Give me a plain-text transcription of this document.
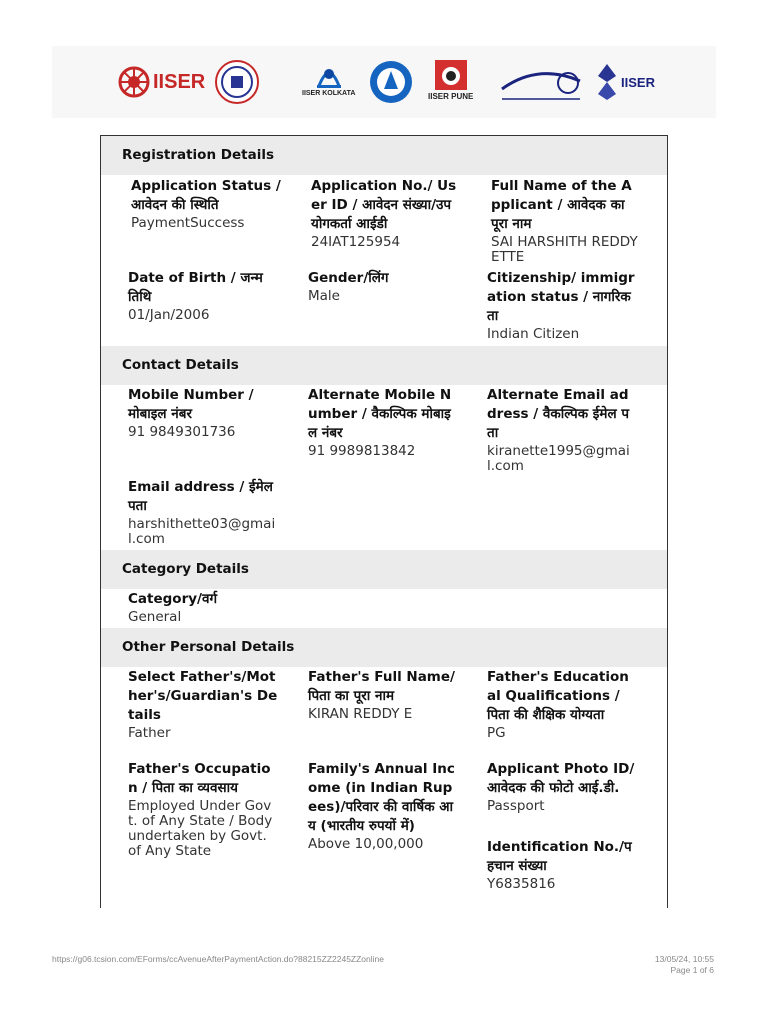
IISER
IISER KOLKATA	IISER PUNE
IISER
Registration Details
Application Status / आवेदन की स्थिति
PaymentSuccess
Application No./ User ID / आवेदन संख्या/उपयोगकर्ता आईडी
24IAT125954
Full Name of the Applicant / आवेदक का पूरा नाम
SAI HARSHITH REDDY ETTE
Date of Birth / जन्म तिथि
01/Jan/2006
Gender/लिंग
Male
Citizenship/ immigration status / नागरिकता
Indian Citizen
Contact Details
Mobile Number / मोबाइल नंबर
91 9849301736
Alternate Mobile Number / वैकल्पिक मोबाइल नंबर
91 9989813842
Alternate Email address / वैकल्पिक ईमेल पता
kiranette1995@gmail.com
Email address / ईमेल पता
harshithette03@gmail.com
Category Details
Category/वर्ग
General
Other Personal Details
Select Father's/Mother's/Guardian's Details
Father
Father's Full Name/ पिता का पूरा नाम
KIRAN REDDY E
Father's Educational Qualifications / पिता की शैक्षिक योग्यता
PG
Father's Occupation / पिता का व्यवसाय
Employed Under Govt. of Any State / Body undertaken by Govt. of Any State
Family's Annual Income (in Indian Rupees)/परिवार की वार्षिक आय (भारतीय रुपयों में)
Above 10,00,000
Applicant Photo ID/आवेदक की फोटो आई.डी.
Passport
Identification No./पहचान संख्या
Y6835816
https://g06.tcsion.com/EForms/ccAvenueAfterPaymentAction.do?88215ZZ2245ZZonline	13/05/24, 10:55
Page 1 of 6
